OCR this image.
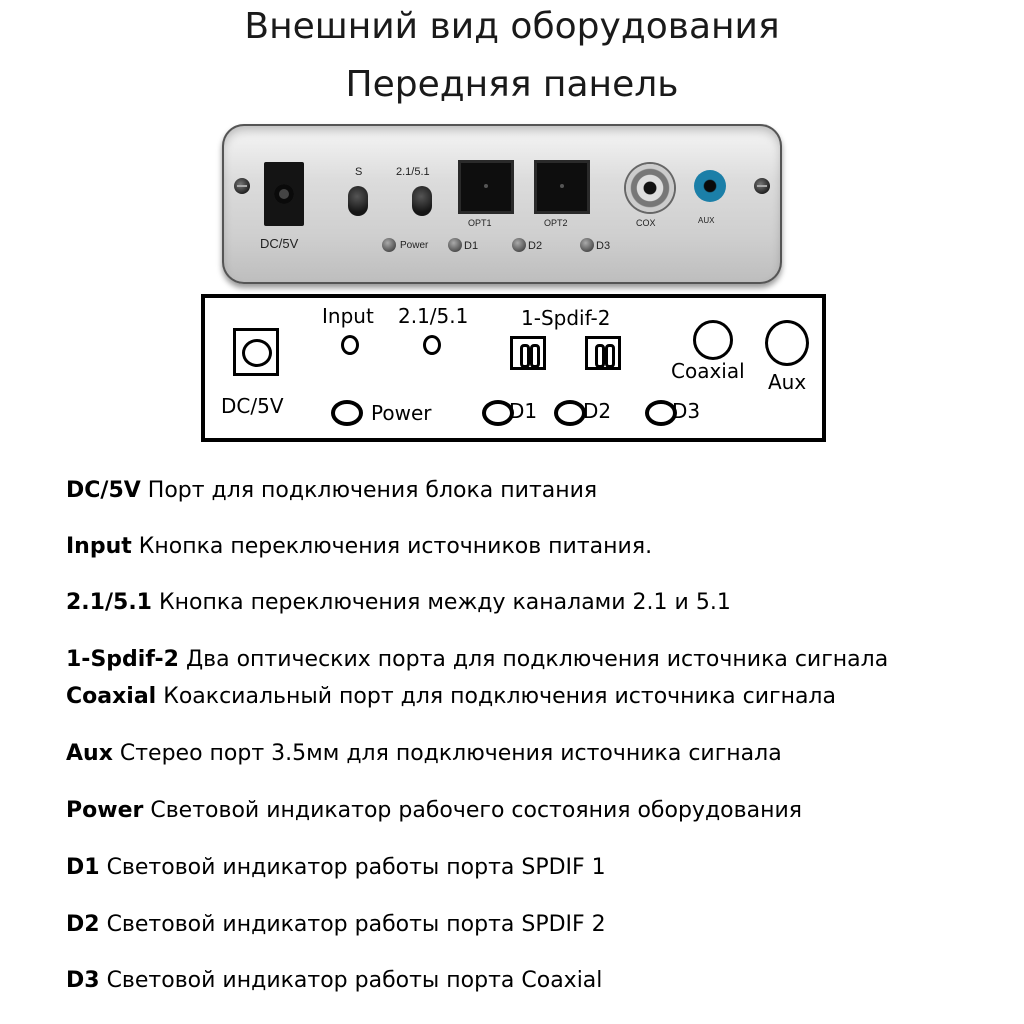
Внешний вид оборудования
Передняя панель
DC/5V
S	2.1/5.1
OPT1	OPT2	COX	AUX
Power	D1	D2	D3
DC/5V
Input 2.1/5.1	1-Spdif-2
Coaxial Aux
Power	D1 D2	D3
DC/5V Порт для подключения блока питания
Input Кнопка переключения источников питания.
2.1/5.1 Кнопка переключения между каналами 2.1 и 5.1
1-Spdif-2 Два оптических порта для подключения источника сигнала
Coaxial Коаксиальный порт для подключения источника сигнала
Aux Стерео порт 3.5мм для подключения источника сигнала
Power Световой индикатор рабочего состояния оборудования
D1 Световой индикатор работы порта SPDIF 1
D2 Световой индикатор работы порта SPDIF 2
D3 Световой индикатор работы порта Coaxial
